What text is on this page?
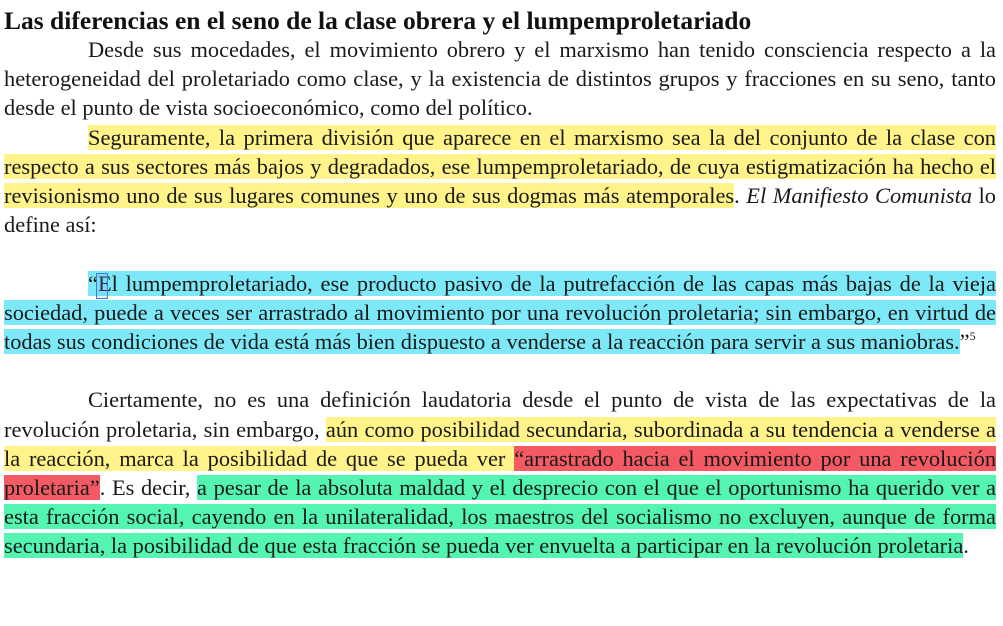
Las diferencias en el seno de la clase obrera y el lumpemproletariado

Desde sus mocedades, el movimiento obrero y el marxismo han tenido consciencia respecto a la heterogeneidad del proletariado como clase, y la existencia de distintos grupos y fracciones en su seno, tanto desde el punto de vista socioeconómico, como del político.

Seguramente, la primera división que aparece en el marxismo sea la del conjunto de la clase con respecto a sus sectores más bajos y degradados, ese lumpemproletariado, de cuya estigmatización ha hecho el revisionismo uno de sus lugares comunes y uno de sus dogmas más atemporales. El Manifiesto Comunista lo define así:

“El lumpemproletariado, ese producto pasivo de la putrefacción de las capas más bajas de la vieja sociedad, puede a veces ser arrastrado al movimiento por una revolución proletaria; sin embargo, en virtud de todas sus condiciones de vida está más bien dispuesto a venderse a la reacción para servir a sus maniobras.”$^5$

Ciertamente, no es una definición laudatoria desde el punto de vista de las expectativas de la revolución proletaria, sin embargo, aún como posibilidad secundaria, subordinada a su tendencia a venderse a la reacción, marca la posibilidad de que se pueda ver “arrastrado hacia el movimiento por una revolución proletaria”. Es decir, a pesar de la absoluta maldad y el desprecio con el que el oportunismo ha querido ver a esta fracción social, cayendo en la unilateralidad, los maestros del socialismo no excluyen, aunque de forma secundaria, la posibilidad de que esta fracción se pueda ver envuelta a participar en la revolución proletaria.
